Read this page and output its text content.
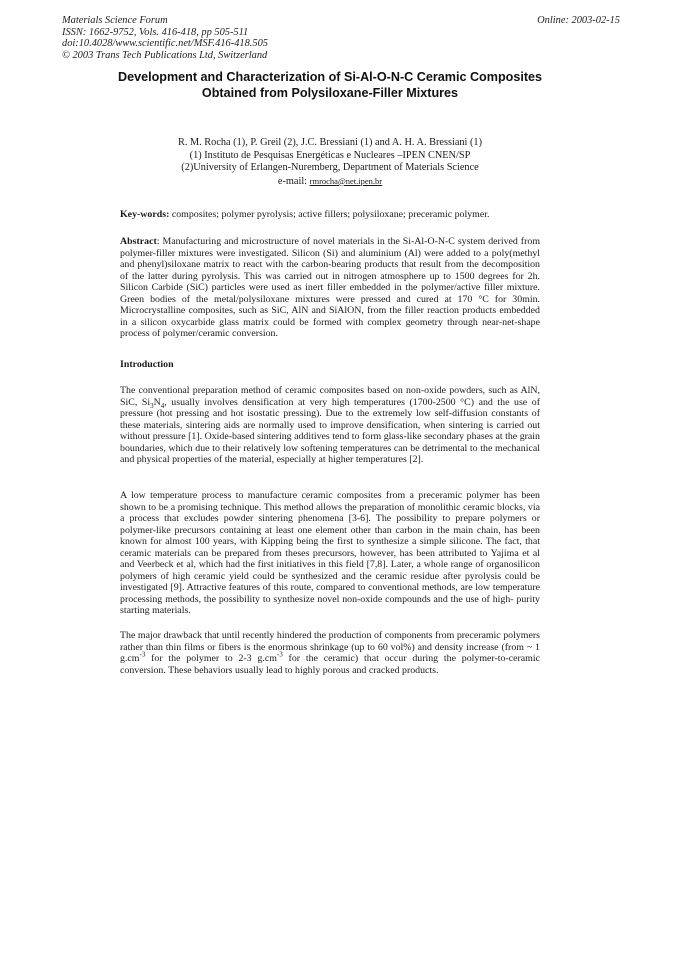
Materials Science Forum
ISSN: 1662-9752, Vols. 416-418, pp 505-511
doi:10.4028/www.scientific.net/MSF.416-418.505
© 2003 Trans Tech Publications Ltd, Switzerland
Online: 2003-02-15
Development and Characterization of Si-Al-O-N-C Ceramic Composites
Obtained from Polysiloxane-Filler Mixtures
R. M. Rocha (1), P. Greil (2), J.C. Bressiani (1) and A. H. A. Bressiani (1)
(1) Instituto de Pesquisas Energéticas e Nucleares –IPEN CNEN/SP
(2)University of Erlangen-Nuremberg, Department of Materials Science
e-mail: rmrocha@net.ipen.br
Key-words: composites; polymer pyrolysis; active fillers; polysiloxane; preceramic polymer.
Abstract: Manufacturing and microstructure of novel materials in the Si-Al-O-N-C system derived from polymer-filler mixtures were investigated. Silicon (Si) and aluminium (Al) were added to a poly(methyl and phenyl)siloxane matrix to react with the carbon-bearing products that result from the decomposition of the latter during pyrolysis. This was carried out in nitrogen atmosphere up to 1500 degrees for 2h. Silicon Carbide (SiC) particles were used as inert filler embedded in the polymer/active filler mixture. Green bodies of the metal/polysiloxane mixtures were pressed and cured at 170 °C for 30min. Microcrystalline composites, such as SiC, AlN and SiAlON, from the filler reaction products embedded in a silicon oxycarbide glass matrix could be formed with complex geometry through near-net-shape process of polymer/ceramic conversion.
Introduction

The conventional preparation method of ceramic composites based on non-oxide powders, such as AlN, SiC, $Si_3N_4$, usually involves densification at very high temperatures (1700-2500 °C) and the use of pressure (hot pressing and hot isostatic pressing). Due to the extremely low self-diffusion constants of these materials, sintering aids are normally used to improve densification, when sintering is carried out without pressure [1]. Oxide-based sintering additives tend to form glass-like secondary phases at the grain boundaries, which due to their relatively low softening temperatures can be detrimental to the mechanical and physical properties of the material, especially at higher temperatures [2].

A low temperature process to manufacture ceramic composites from a preceramic polymer has been shown to be a promising technique. This method allows the preparation of monolithic ceramic blocks, via a process that excludes powder sintering phenomena [3-6]. The possibility to prepare polymers or polymer-like precursors containing at least one element other than carbon in the main chain, has been known for almost 100 years, with Kipping being the first to synthesize a simple silicone. The fact, that ceramic materials can be prepared from theses precursors, however, has been attributed to Yajima et al and Veerbeck et al, which had the first initiatives in this field [7,8]. Later, a whole range of organosilicon polymers of high ceramic yield could be synthesized and the ceramic residue after pyrolysis could be investigated [9]. Attractive features of this route, compared to conventional methods, are low temperature processing methods, the possibility to synthesize novel non-oxide compounds and the use of high- purity starting materials.

The major drawback that until recently hindered the production of components from preceramic polymers rather than thin films or fibers is the enormous shrinkage (up to 60 vol%) and density increase (from ~ 1 $g.cm^{-3}$ for the polymer to 2-3 $g.cm^{-3}$ for the ceramic) that occur during the polymer-to-ceramic conversion. These behaviors usually lead to highly porous and cracked products.
